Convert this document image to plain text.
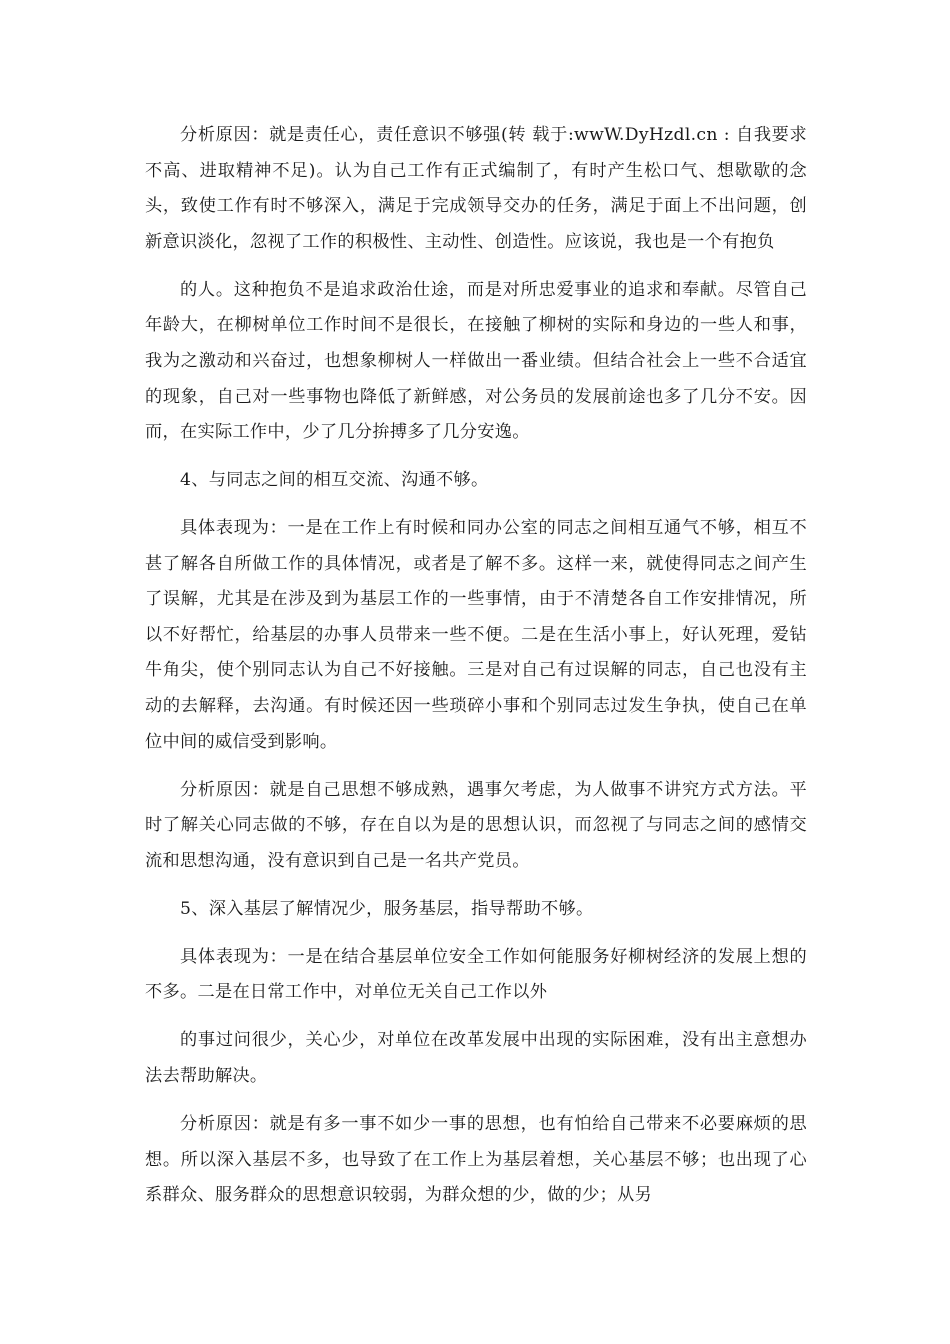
分析原因：就是责任心，责任意识不够强(转 载于:wwW.DyHzdl.cn : 自我要求不高、进取精神不足)。认为自己工作有正式编制了，有时产生松口气、想歇歇的念头，致使工作有时不够深入，满足于完成领导交办的任务，满足于面上不出问题，创新意识淡化，忽视了工作的积极性、主动性、创造性。应该说，我也是一个有抱负

的人。这种抱负不是追求政治仕途，而是对所忠爱事业的追求和奉献。尽管自己年龄大，在柳树单位工作时间不是很长，在接触了柳树的实际和身边的一些人和事，我为之激动和兴奋过，也想象柳树人一样做出一番业绩。但结合社会上一些不合适宜的现象，自己对一些事物也降低了新鲜感，对公务员的发展前途也多了几分不安。因而，在实际工作中，少了几分拚搏多了几分安逸。

4、与同志之间的相互交流、沟通不够。

具体表现为：一是在工作上有时候和同办公室的同志之间相互通气不够，相互不甚了解各自所做工作的具体情况，或者是了解不多。这样一来，就使得同志之间产生了误解，尤其是在涉及到为基层工作的一些事情，由于不清楚各自工作安排情况，所以不好帮忙，给基层的办事人员带来一些不便。二是在生活小事上，好认死理，爱钻牛角尖，使个别同志认为自己不好接触。三是对自己有过误解的同志，自己也没有主动的去解释，去沟通。有时候还因一些琐碎小事和个别同志过发生争执，使自己在单位中间的威信受到影响。

分析原因：就是自己思想不够成熟，遇事欠考虑，为人做事不讲究方式方法。平时了解关心同志做的不够，存在自以为是的思想认识，而忽视了与同志之间的感情交流和思想沟通，没有意识到自己是一名共产党员。

5、深入基层了解情况少，服务基层，指导帮助不够。

具体表现为：一是在结合基层单位安全工作如何能服务好柳树经济的发展上想的不多。二是在日常工作中，对单位无关自己工作以外

的事过问很少，关心少，对单位在改革发展中出现的实际困难，没有出主意想办法去帮助解决。

分析原因：就是有多一事不如少一事的思想，也有怕给自己带来不必要麻烦的思想。所以深入基层不多，也导致了在工作上为基层着想，关心基层不够；也出现了心系群众、服务群众的思想意识较弱，为群众想的少，做的少；从另
